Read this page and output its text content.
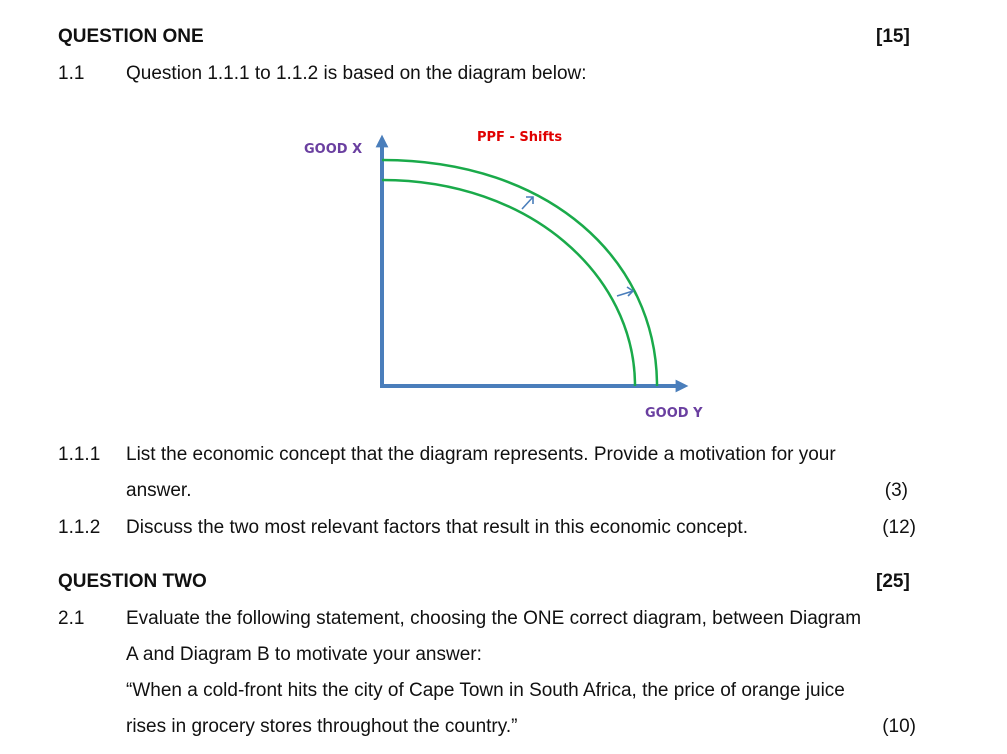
QUESTION ONE	[15]
1.1 Question 1.1.1 to 1.1.2 is based on the diagram below:
PPF - Shifts
GOOD X
GOOD Y
1.1.1 List the economic concept that the diagram represents. Provide a motivation for your
answer.	(3)
1.1.2 Discuss the two most relevant factors that result in this economic concept.	(12)
QUESTION TWO	[25]
2.1 Evaluate the following statement, choosing the ONE correct diagram, between Diagram
A and Diagram B to motivate your answer:
“When a cold-front hits the city of Cape Town in South Africa, the price of orange juice
rises in grocery stores throughout the country.”	(10)
